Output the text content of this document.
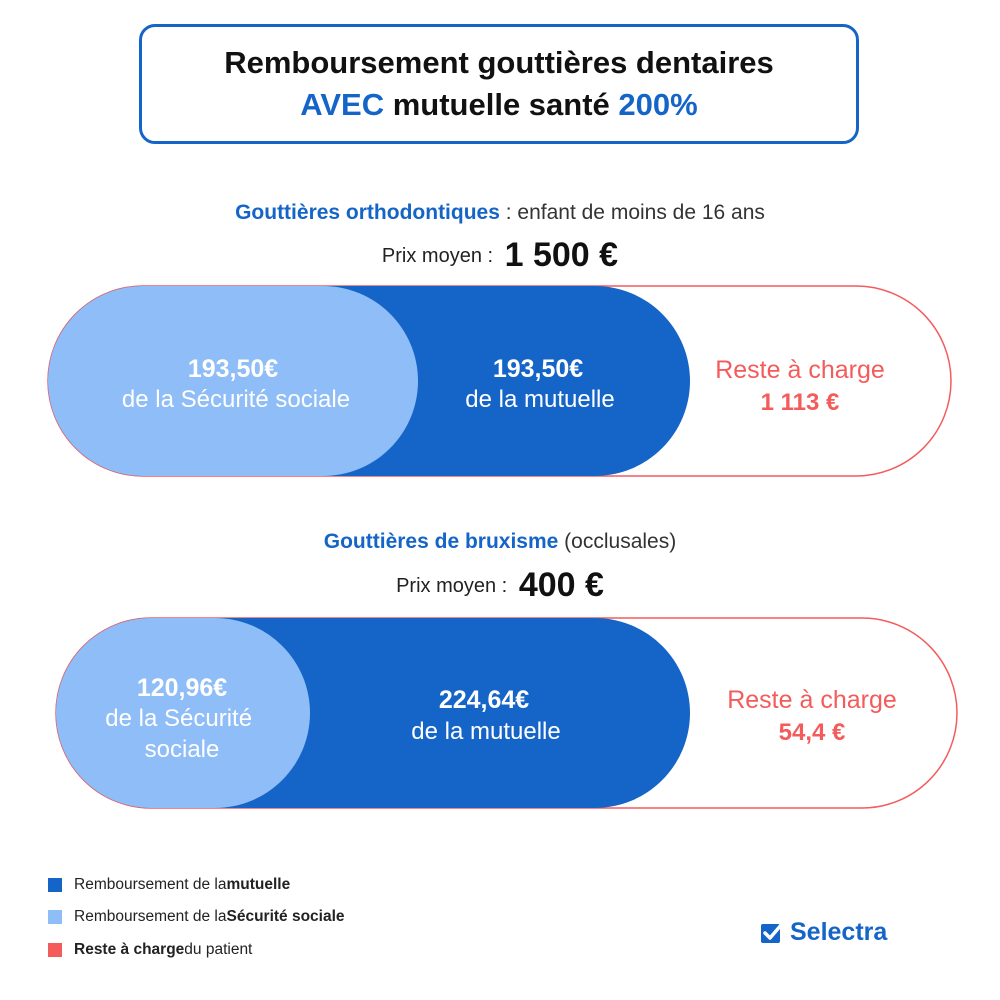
Remboursement gouttières dentaires
AVEC mutuelle santé 200%
Gouttières orthodontiques : enfant de moins de 16 ans
Prix moyen : 1 500 €
Gouttières de bruxisme (occlusales)
Prix moyen : 400 €
193,50€
de la Sécurité sociale
193,50€
de la mutuelle
Reste à charge
1 113 €
120,96€
de la Sécurité sociale
224,64€
de la mutuelle
Reste à charge
54,4 €
Remboursement de la mutuelle
Remboursement de la Sécurité sociale
Reste à charge du patient
Selectra
